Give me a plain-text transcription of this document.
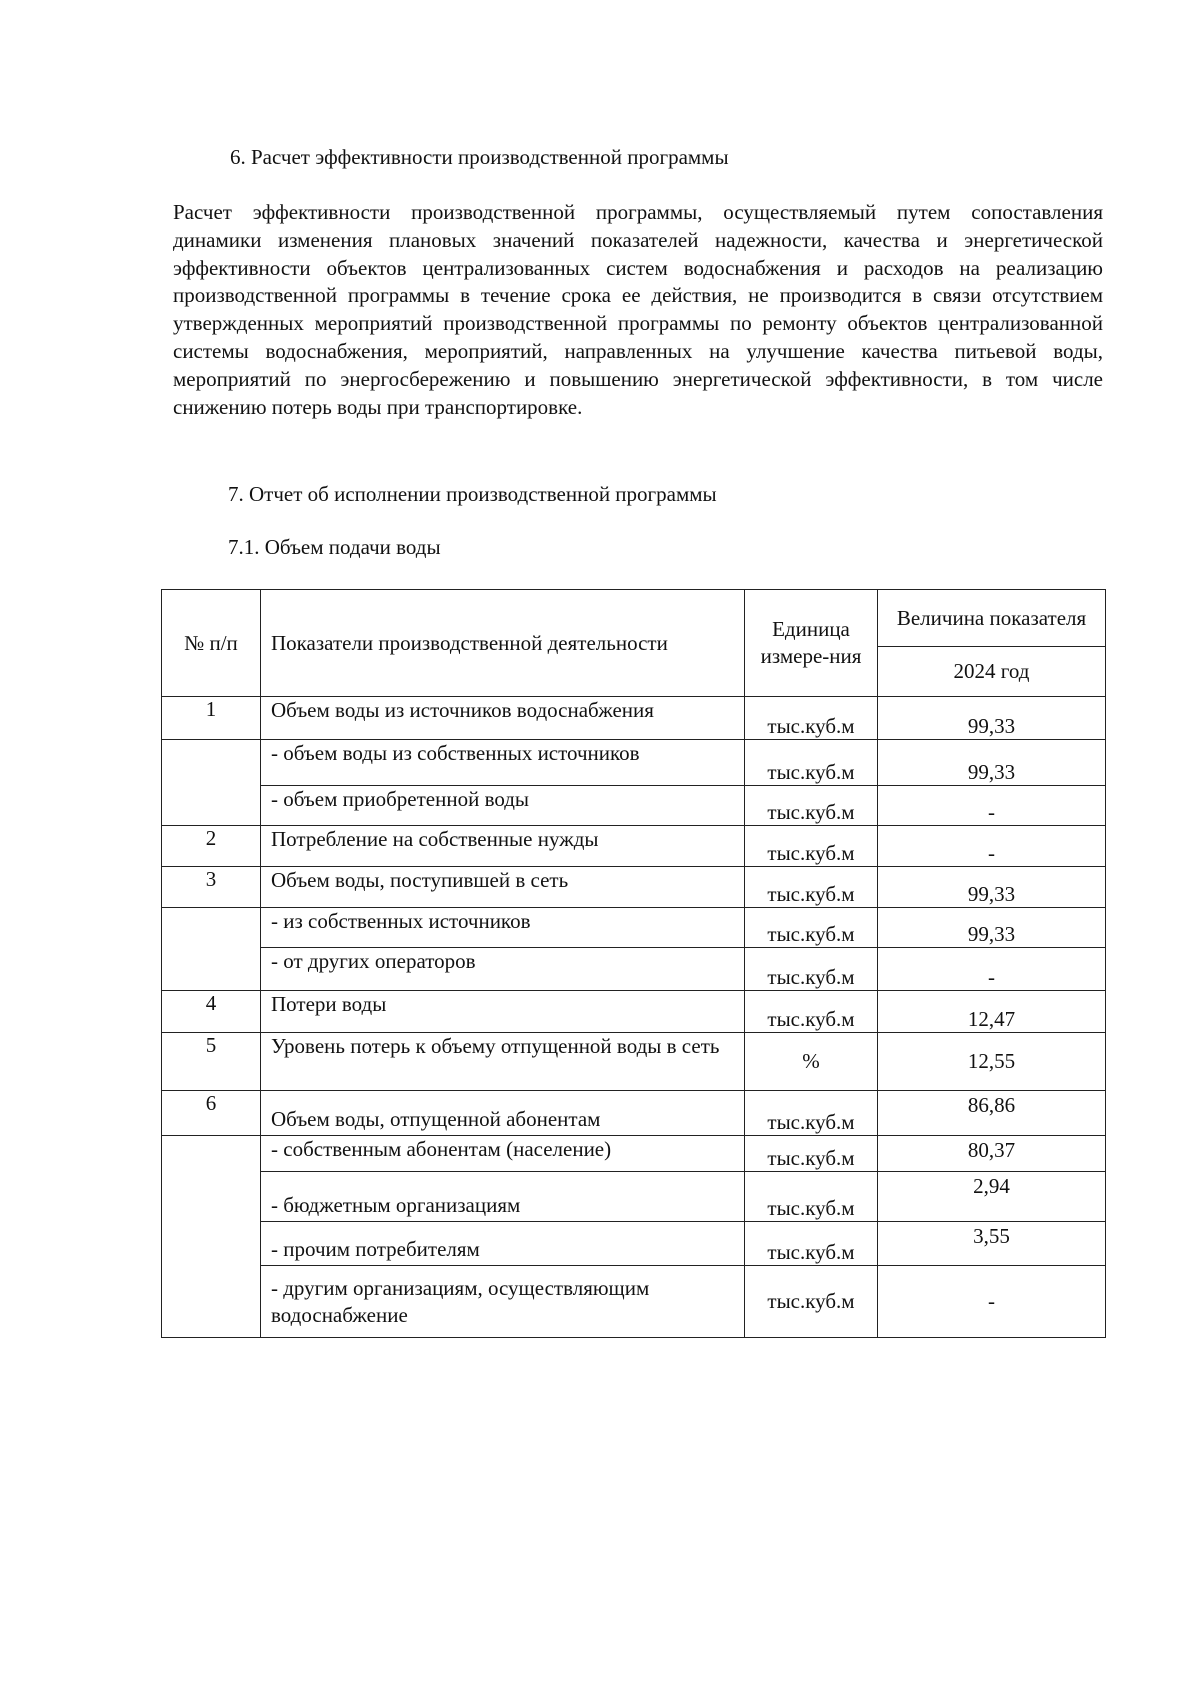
6. Расчет эффективности производственной программы

Расчет эффективности производственной программы, осуществляемый путем сопоставления динамики изменения плановых значений показателей надежности, качества и энергетической эффективности объектов централизованных систем водоснабжения и расходов на реализацию производственной программы в течение срока ее действия, не производится в связи отсутствием утвержденных мероприятий производственной программы по ремонту объектов централизованной системы водоснабжения, мероприятий, направленных на улучшение качества питьевой воды, мероприятий по энергосбережению и повышению энергетической эффективности, в том числе снижению потерь воды при транспортировке.

7. Отчет об исполнении производственной программы

7.1. Объем подачи воды

№ п/п	Показатели производственной деятельности	Единица измере-ния	Величина показателя
			2024 год
1	Объем воды из источников водоснабжения	тыс.куб.м	99,33
	- объем воды из собственных источников	тыс.куб.м	99,33
	- объем приобретенной воды	тыс.куб.м	-
2	Потребление на собственные нужды	тыс.куб.м	-
3	Объем воды, поступившей в сеть	тыс.куб.м	99,33
	- из собственных источников	тыс.куб.м	99,33
	- от других операторов	тыс.куб.м	-
4	Потери воды	тыс.куб.м	12,47
5	Уровень потерь к объему отпущенной воды в сеть	%	12,55
6	Объем воды, отпущенной абонентам	тыс.куб.м	86,86
	- собственным абонентам (население)	тыс.куб.м	80,37
	- бюджетным организациям	тыс.куб.м	2,94
	- прочим потребителям	тыс.куб.м	3,55
	- другим организациям, осуществляющим водоснабжение	тыс.куб.м	-
